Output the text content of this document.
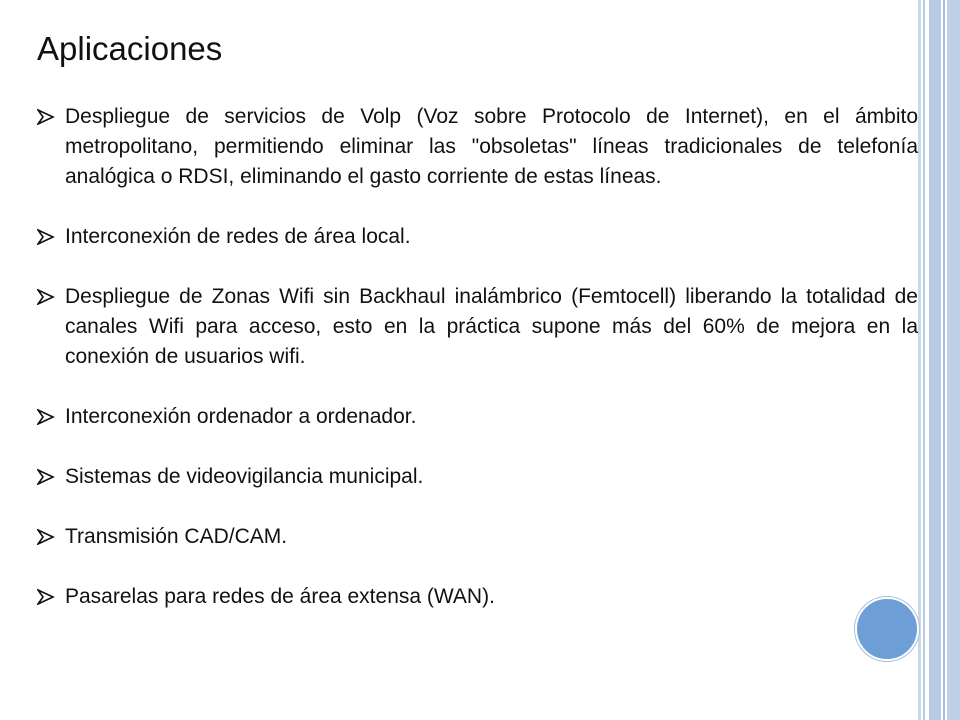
Aplicaciones
Despliegue de servicios de Volp (Voz sobre Protocolo de Internet), en el ámbito metropolitano, permitiendo eliminar las "obsoletas" líneas tradicionales de telefonía analógica o RDSI, eliminando el gasto corriente de estas líneas.
Interconexión de redes de área local.
Despliegue de Zonas Wifi sin Backhaul inalámbrico (Femtocell) liberando la totalidad de canales Wifi para acceso, esto en la práctica supone más del 60% de mejora en la conexión de usuarios wifi.
Interconexión ordenador a ordenador.
Sistemas de videovigilancia municipal.
Transmisión CAD/CAM.
Pasarelas para redes de área extensa (WAN).
